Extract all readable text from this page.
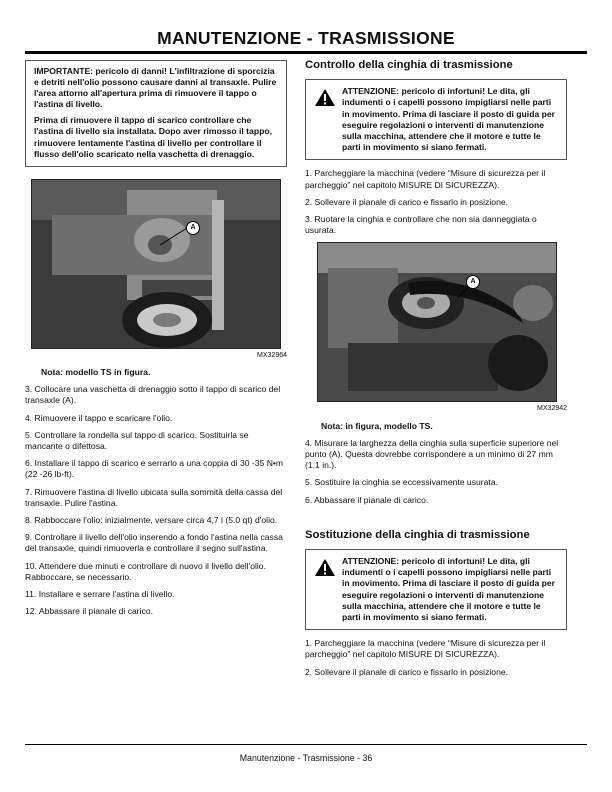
MANUTENZIONE - TRASMISSIONE

IMPORTANTE: pericolo di danni! L'infiltrazione di sporcizia e detriti nell'olio possono causare danni al transaxle. Pulire l'area attorno all'apertura prima di rimuovere il tappo o l'astina di livello.

Prima di rimuovere il tappo di scarico controllare che l'astina di livello sia installata. Dopo aver rimosso il tappo, rimuovere lentamente l'astina di livello per controllare il flusso dell'olio scaricato nella vaschetta di drenaggio.

A
MX32964

Nota: modello TS in figura.

3. Collocare una vaschetta di drenaggio sotto il tappo di scarico del transaxle (A).

4. Rimuovere il tappo e scaricare l'olio.

5. Controllare la rondella sul tappo di scarico. Sostituirla se mancante o difettosa.

6. Installare il tappo di scarico e serrarlo a una coppia di 30 -35 N•m (22 -26 lb-ft).

7. Rimuovere l'astina di livello ubicata sulla sommità della cassa del transaxle. Pulire l'astina.

8. Rabboccare l'olio: inizialmente, versare circa 4,7 l (5.0 qt) d'olio.

9. Controllare il livello dell'olio inserendo a fondo l'astina nella cassa del transaxle, quindi rimuoverla e controllare il segno sull'astina.

10. Attendere due minuti e controllare di nuovo il livello dell'olio. Rabboccare, se necessario.

11. Installare e serrare l'astina di livello.

12. Abbassare il pianale di carico.

Controllo della cinghia di trasmissione
ATTENZIONE: pericolo di infortuni! Le dita, gli indumenti o i capelli possono impigliarsi nelle parti in movimento. Prima di lasciare il posto di guida per eseguire regolazioni o interventi di manutenzione sulla macchina, attendere che il motore e tutte le parti in movimento si siano fermati.

1. Parcheggiare la macchina (vedere “Misure di sicurezza per il parcheggio” nel capitolo MISURE DI SICUREZZA).

2. Sollevare il pianale di carico e fissarlo in posizione.

3. Ruotare la cinghia e controllare che non sia danneggiata o usurata.

A
MX32942

Nota: in figura, modello TS.

4. Misurare la larghezza della cinghia sulla superficie superiore nel punto (A). Questa dovrebbe corrispondere a un minimo di 27 mm (1.1 in.).

5. Sostituire la cinghia se eccessivamente usurata.

6. Abbassare il pianale di carico.

Sostituzione della cinghia di trasmissione
ATTENZIONE: pericolo di infortuni! Le dita, gli indumenti o i capelli possono impigliarsi nelle parti in movimento. Prima di lasciare il posto di guida per eseguire regolazioni o interventi di manutenzione sulla macchina, attendere che il motore e tutte le parti in movimento si siano fermati.

1. Parcheggiare la macchina (vedere “Misure di sicurezza per il parcheggio” nel capitolo MISURE DI SICUREZZA).

2. Sollevare il pianale di carico e fissarlo in posizione.

Manutenzione - Trasmissione - 36
